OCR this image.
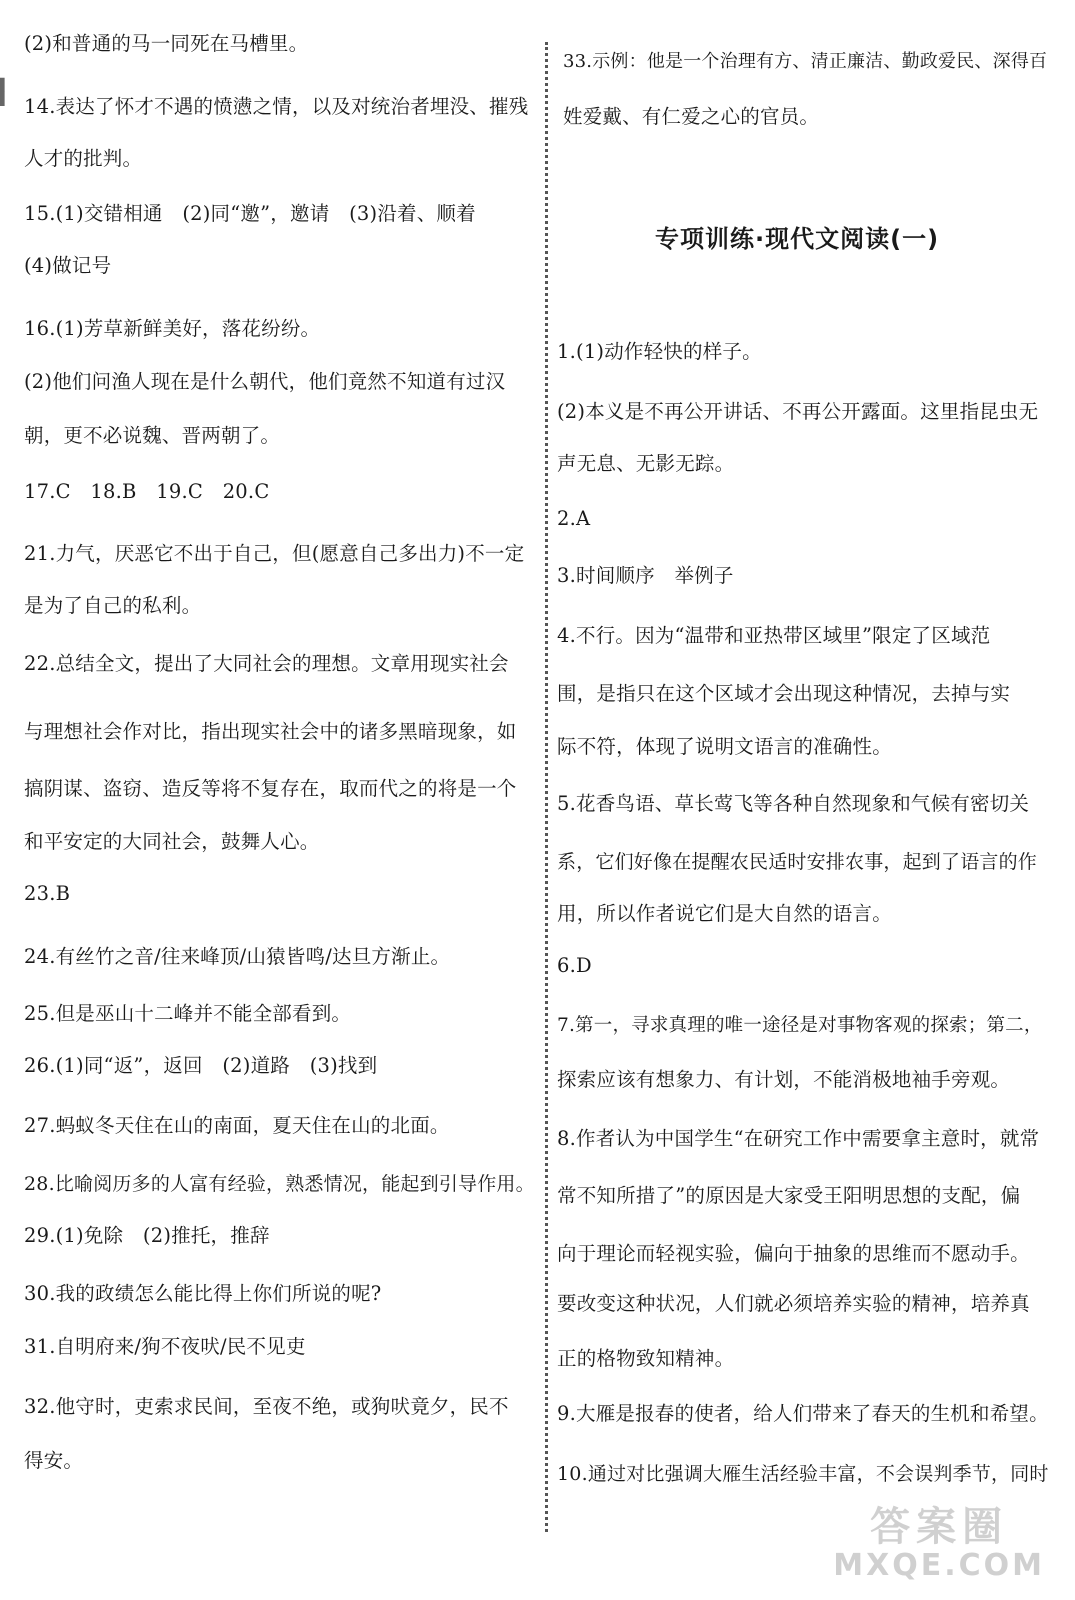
▌
▌
(2)和普通的马一同死在马槽里。
14.表达了怀才不遇的愤懑之情，以及对统治者埋没、摧残
人才的批判。
15.(1)交错相通　(2)同“邀”，邀请　(3)沿着、顺着
(4)做记号
16.(1)芳草新鲜美好，落花纷纷。
(2)他们问渔人现在是什么朝代，他们竟然不知道有过汉
朝，更不必说魏、晋两朝了。
17.C　18.B　19.C　20.C
21.力气，厌恶它不出于自己，但(愿意自己多出力)不一定
是为了自己的私利。
22.总结全文，提出了大同社会的理想。文章用现实社会
与理想社会作对比，指出现实社会中的诸多黑暗现象，如
搞阴谋、盗窃、造反等将不复存在，取而代之的将是一个
和平安定的大同社会，鼓舞人心。
23.B
24.有丝竹之音/往来峰顶/山猿皆鸣/达旦方渐止。
25.但是巫山十二峰并不能全部看到。
26.(1)同“返”，返回　(2)道路　(3)找到
27.蚂蚁冬天住在山的南面，夏天住在山的北面。
28.比喻阅历多的人富有经验，熟悉情况，能起到引导作用。
29.(1)免除　(2)推托，推辞
30.我的政绩怎么能比得上你们所说的呢?
31.自明府来/狗不夜吠/民不见吏
32.他守时，吏索求民间，至夜不绝，或狗吠竟夕，民不
得安。
33.示例：他是一个治理有方、清正廉洁、勤政爱民、深得百
姓爱戴、有仁爱之心的官员。
1.(1)动作轻快的样子。
(2)本义是不再公开讲话、不再公开露面。这里指昆虫无
声无息、无影无踪。
2.A
3.时间顺序　举例子
4.不行。因为“温带和亚热带区域里”限定了区域范
围，是指只在这个区域才会出现这种情况，去掉与实
际不符，体现了说明文语言的准确性。
5.花香鸟语、草长莺飞等各种自然现象和气候有密切关
系，它们好像在提醒农民适时安排农事，起到了语言的作
用，所以作者说它们是大自然的语言。
6.D
7.第一，寻求真理的唯一途径是对事物客观的探索；第二，
探索应该有想象力、有计划，不能消极地袖手旁观。
8.作者认为中国学生“在研究工作中需要拿主意时，就常
常不知所措了”的原因是大家受王阳明思想的支配，偏
向于理论而轻视实验，偏向于抽象的思维而不愿动手。
要改变这种状况，人们就必须培养实验的精神，培养真
正的格物致知精神。
9.大雁是报春的使者，给人们带来了春天的生机和希望。
10.通过对比强调大雁生活经验丰富，不会误判季节，同时
专项训练·现代文阅读(一)
答案圈
MXQE.COM
